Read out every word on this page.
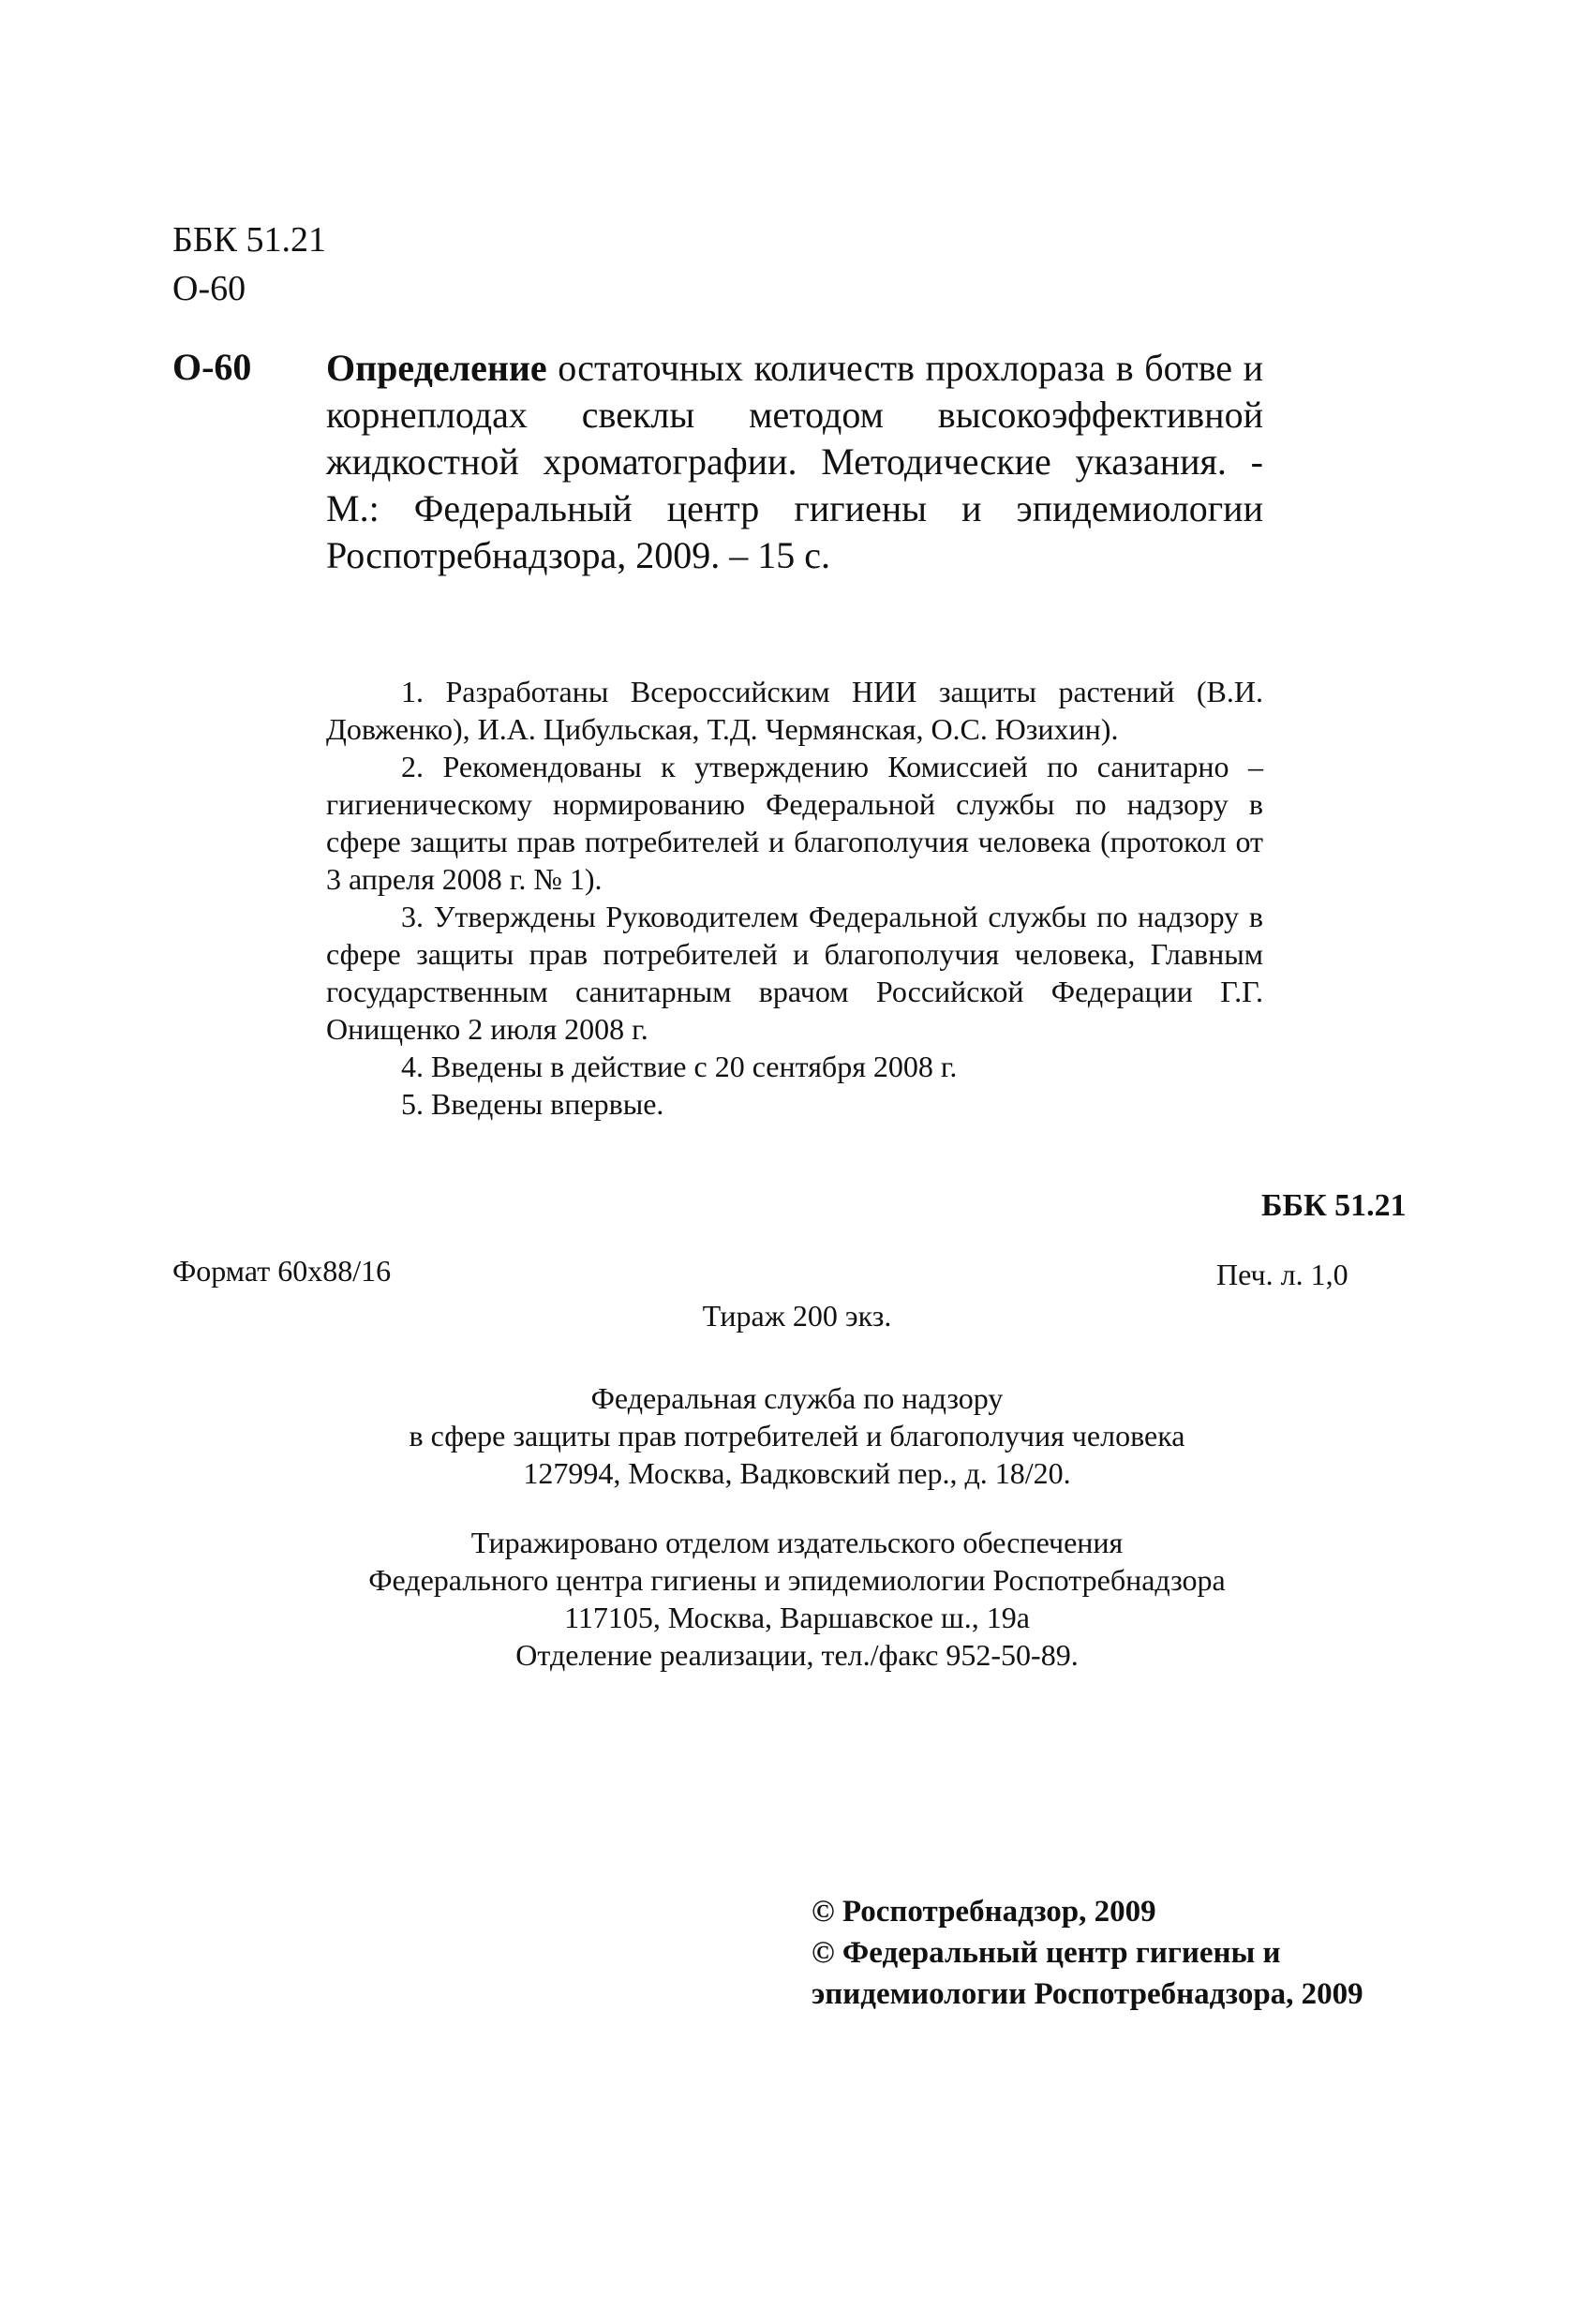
ББК 51.21
О-60
О-60 Определение остаточных количеств прохлораза в ботве и корнеплодах свеклы методом высокоэффективной жидкостной хроматографии. Методические указания. - М.: Федеральный центр гигиены и эпидемиологии Роспотребнадзора, 2009. – 15 с.

1. Разработаны Всероссийским НИИ защиты растений (В.И. Довженко), И.А. Цибульская, Т.Д. Чермянская, О.С. Юзихин).

2. Рекомендованы к утверждению Комиссией по санитарно – гигиеническому нормированию Федеральной службы по надзору в сфере защиты прав потребителей и благополучия человека (протокол от 3 апреля 2008 г. № 1).

3. Утверждены Руководителем Федеральной службы по надзору в сфере защиты прав потребителей и благополучия человека, Главным государственным санитарным врачом Российской Федерации Г.Г. Онищенко 2 июля 2008 г.

4. Введены в действие с 20 сентября 2008 г.

5. Введены впервые.

ББК 51.21
Формат 60х88/16	Печ. л. 1,0
Тираж 200 экз.
Федеральная служба по надзору
в сфере защиты прав потребителей и благополучия человека
127994, Москва, Вадковский пер., д. 18/20.
Тиражировано отделом издательского обеспечения
Федерального центра гигиены и эпидемиологии Роспотребнадзора
117105, Москва, Варшавское ш., 19а
Отделение реализации, тел./факс 952-50-89.
© Роспотребнадзор, 2009
© Федеральный центр гигиены и
эпидемиологии Роспотребнадзора, 2009
